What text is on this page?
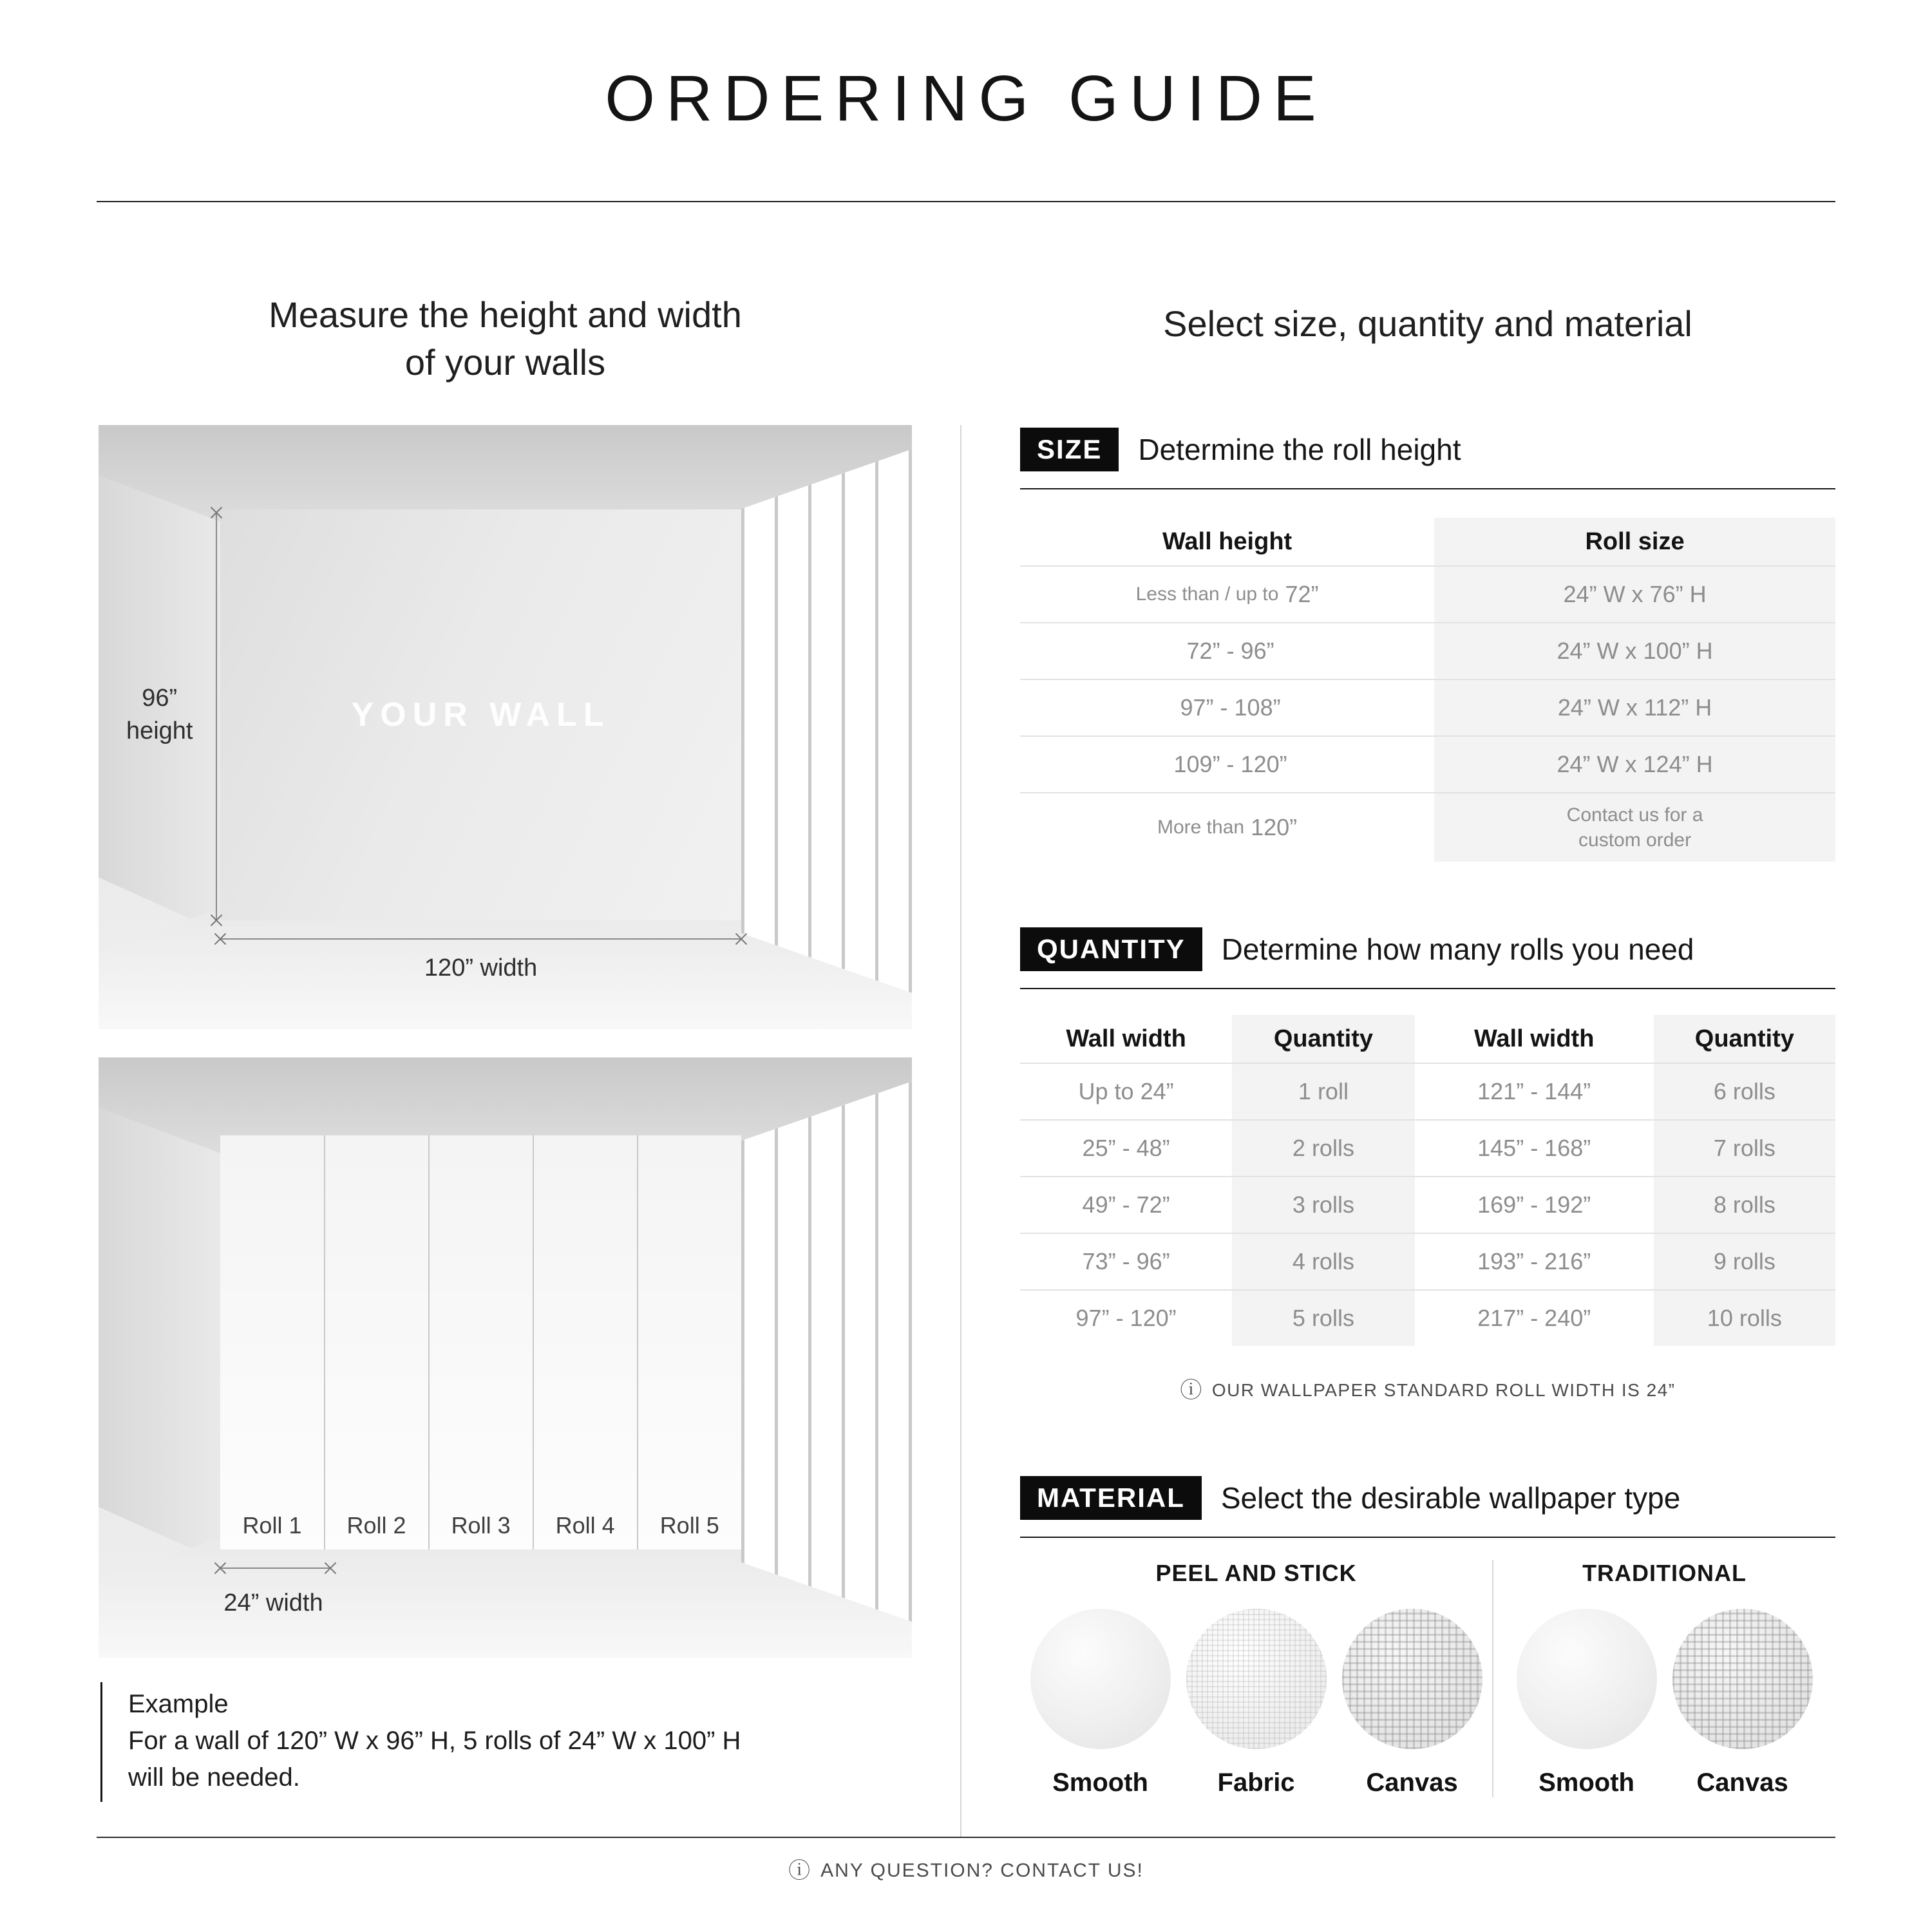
ORDERING GUIDE
Measure the height and width
of your walls
Select size, quantity and material
YOUR WALL
96”
height
120” width
Roll 1 Roll 2 Roll 3 Roll 4 Roll 5
24” width
Example
For a wall of 120” W x 96” H, 5 rolls of 24” W x 100” H
will be needed.
SIZE	Determine the roll height
Wall height	Roll size
Less than / up to 72”	24” W x 76” H
72” - 96”	24” W x 100” H
97” - 108”	24” W x 112” H
109” - 120”	24” W x 124” H
More than 120”	Contact us for a custom order
QUANTITY	Determine how many rolls you need
Wall width	Quantity	Wall width	Quantity
Up to 24”	1 roll	121” - 144”	6 rolls
25” - 48”	2 rolls	145” - 168”	7 rolls
49” - 72”	3 rolls	169” - 192”	8 rolls
73” - 96”	4 rolls	193” - 216”	9 rolls
97” - 120”	5 rolls	217” - 240”	10 rolls
ⓘ OUR WALLPAPER STANDARD ROLL WIDTH IS 24”
MATERIAL	Select the desirable wallpaper type
PEEL AND STICK
Smooth	Fabric	Canvas
TRADITIONAL
Smooth Canvas
ⓘ ANY QUESTION? CONTACT US!
